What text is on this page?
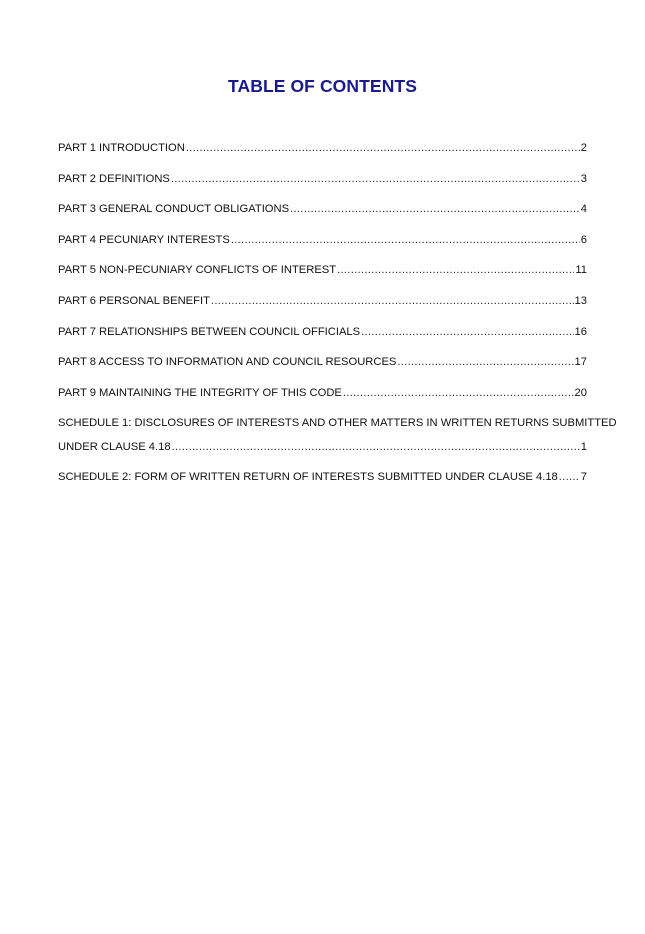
TABLE OF CONTENTS
PART 1 INTRODUCTION .....	2
PART 2 DEFINITIONS .....	3
PART 3 GENERAL CONDUCT OBLIGATIONS .....	4
PART 4 PECUNIARY INTERESTS .....	6
PART 5 NON-PECUNIARY CONFLICTS OF INTEREST .....	11
PART 6 PERSONAL BENEFIT .....	13
PART 7 RELATIONSHIPS BETWEEN COUNCIL OFFICIALS .....	16
PART 8 ACCESS TO INFORMATION AND COUNCIL RESOURCES .....	17
PART 9 MAINTAINING THE INTEGRITY OF THIS CODE .....	20
SCHEDULE 1: DISCLOSURES OF INTERESTS AND OTHER MATTERS IN WRITTEN RETURNS SUBMITTED
UNDER CLAUSE 4.18 .....	1
SCHEDULE 2: FORM OF WRITTEN RETURN OF INTERESTS SUBMITTED UNDER CLAUSE 4.18 ..... 7
